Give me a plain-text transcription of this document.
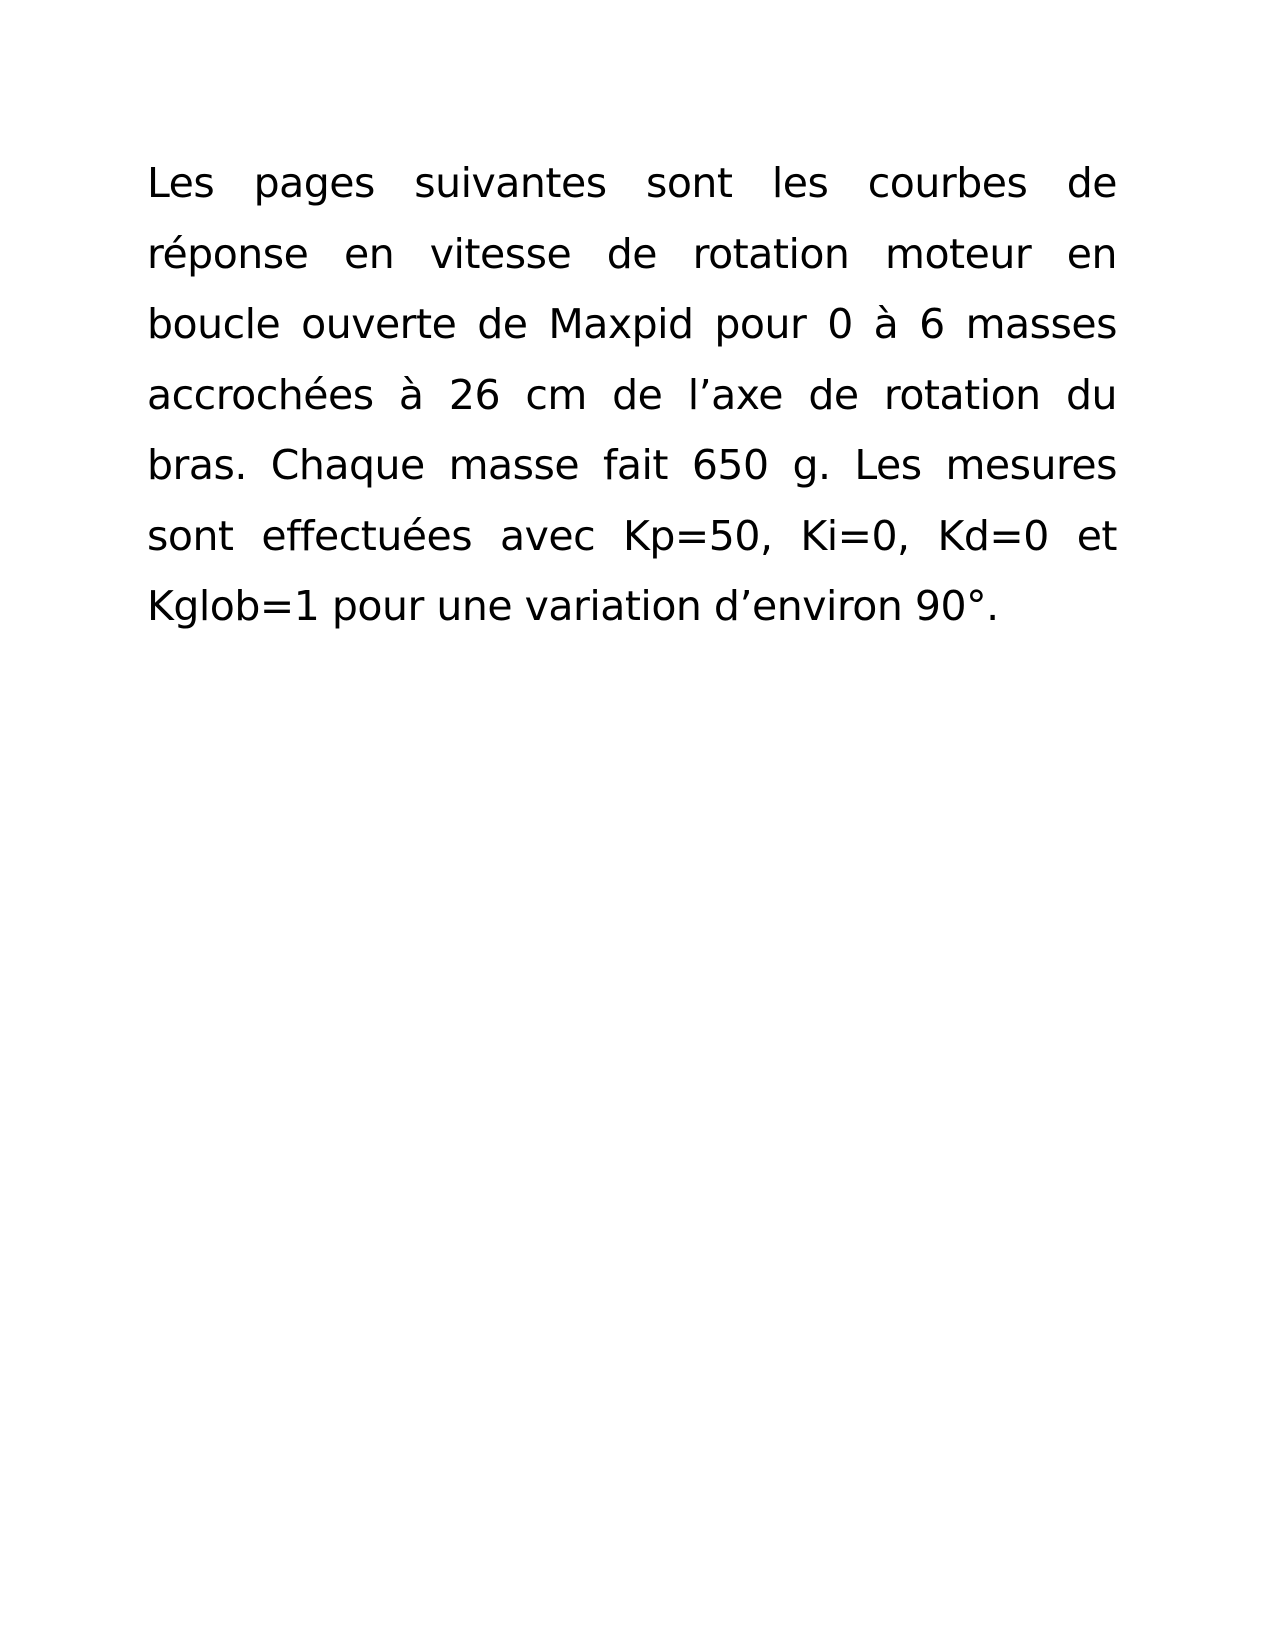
Les pages suivantes sont les courbes de réponse en vitesse de rotation moteur en boucle ouverte de Maxpid pour 0 à 6 masses accrochées à 26 cm de l’axe de rotation du bras. Chaque masse fait 650 g. Les mesures sont effectuées avec Kp=50, Ki=0, Kd=0 et Kglob=1 pour une variation d’environ 90°.
